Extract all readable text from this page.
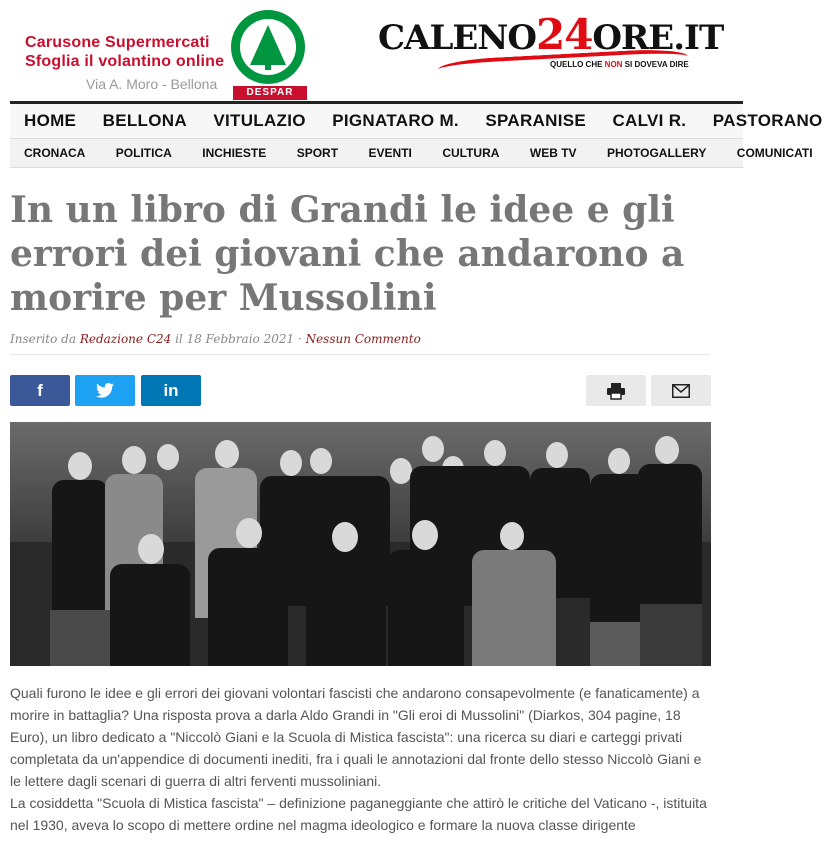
Carusone Supermercati
Sfoglia il volantino online
Via A. Moro - Bellona
DESPAR
CALENO24ORE.IT
QUELLO CHE NON SI DOVEVA DIRE
HOME BELLONA VITULAZIO PIGNATARO M. SPARANISE CALVI R. PASTORANO
CRONACA	POLITICA	INCHIESTE	SPORT	EVENTI	CULTURA	WEB TV	PHOTOGALLERY	COMUNICATI
In un libro di Grandi le idee e gli errori dei giovani che andarono a morire per Mussolini
Inserito da Redazione C24 il 18 Febbraio 2021 · Nessun Commento
f	in

Quali furono le idee e gli errori dei giovani volontari fascisti che andarono consapevolmente (e fanaticamente) a morire in battaglia? Una risposta prova a darla Aldo Grandi in "Gli eroi di Mussolini" (Diarkos, 304 pagine, 18 Euro), un libro dedicato a "Niccolò Giani e la Scuola di Mistica fascista": una ricerca su diari e carteggi privati completata da un'appendice di documenti inediti, fra i quali le annotazioni dal fronte dello stesso Niccolò Giani e le lettere dagli scenari di guerra di altri ferventi mussoliniani.

La cosiddetta "Scuola di Mistica fascista" – definizione paganeggiante che attirò le critiche del Vaticano -, istituita nel 1930, aveva lo scopo di mettere ordine nel magma ideologico e formare la nuova classe dirigente
